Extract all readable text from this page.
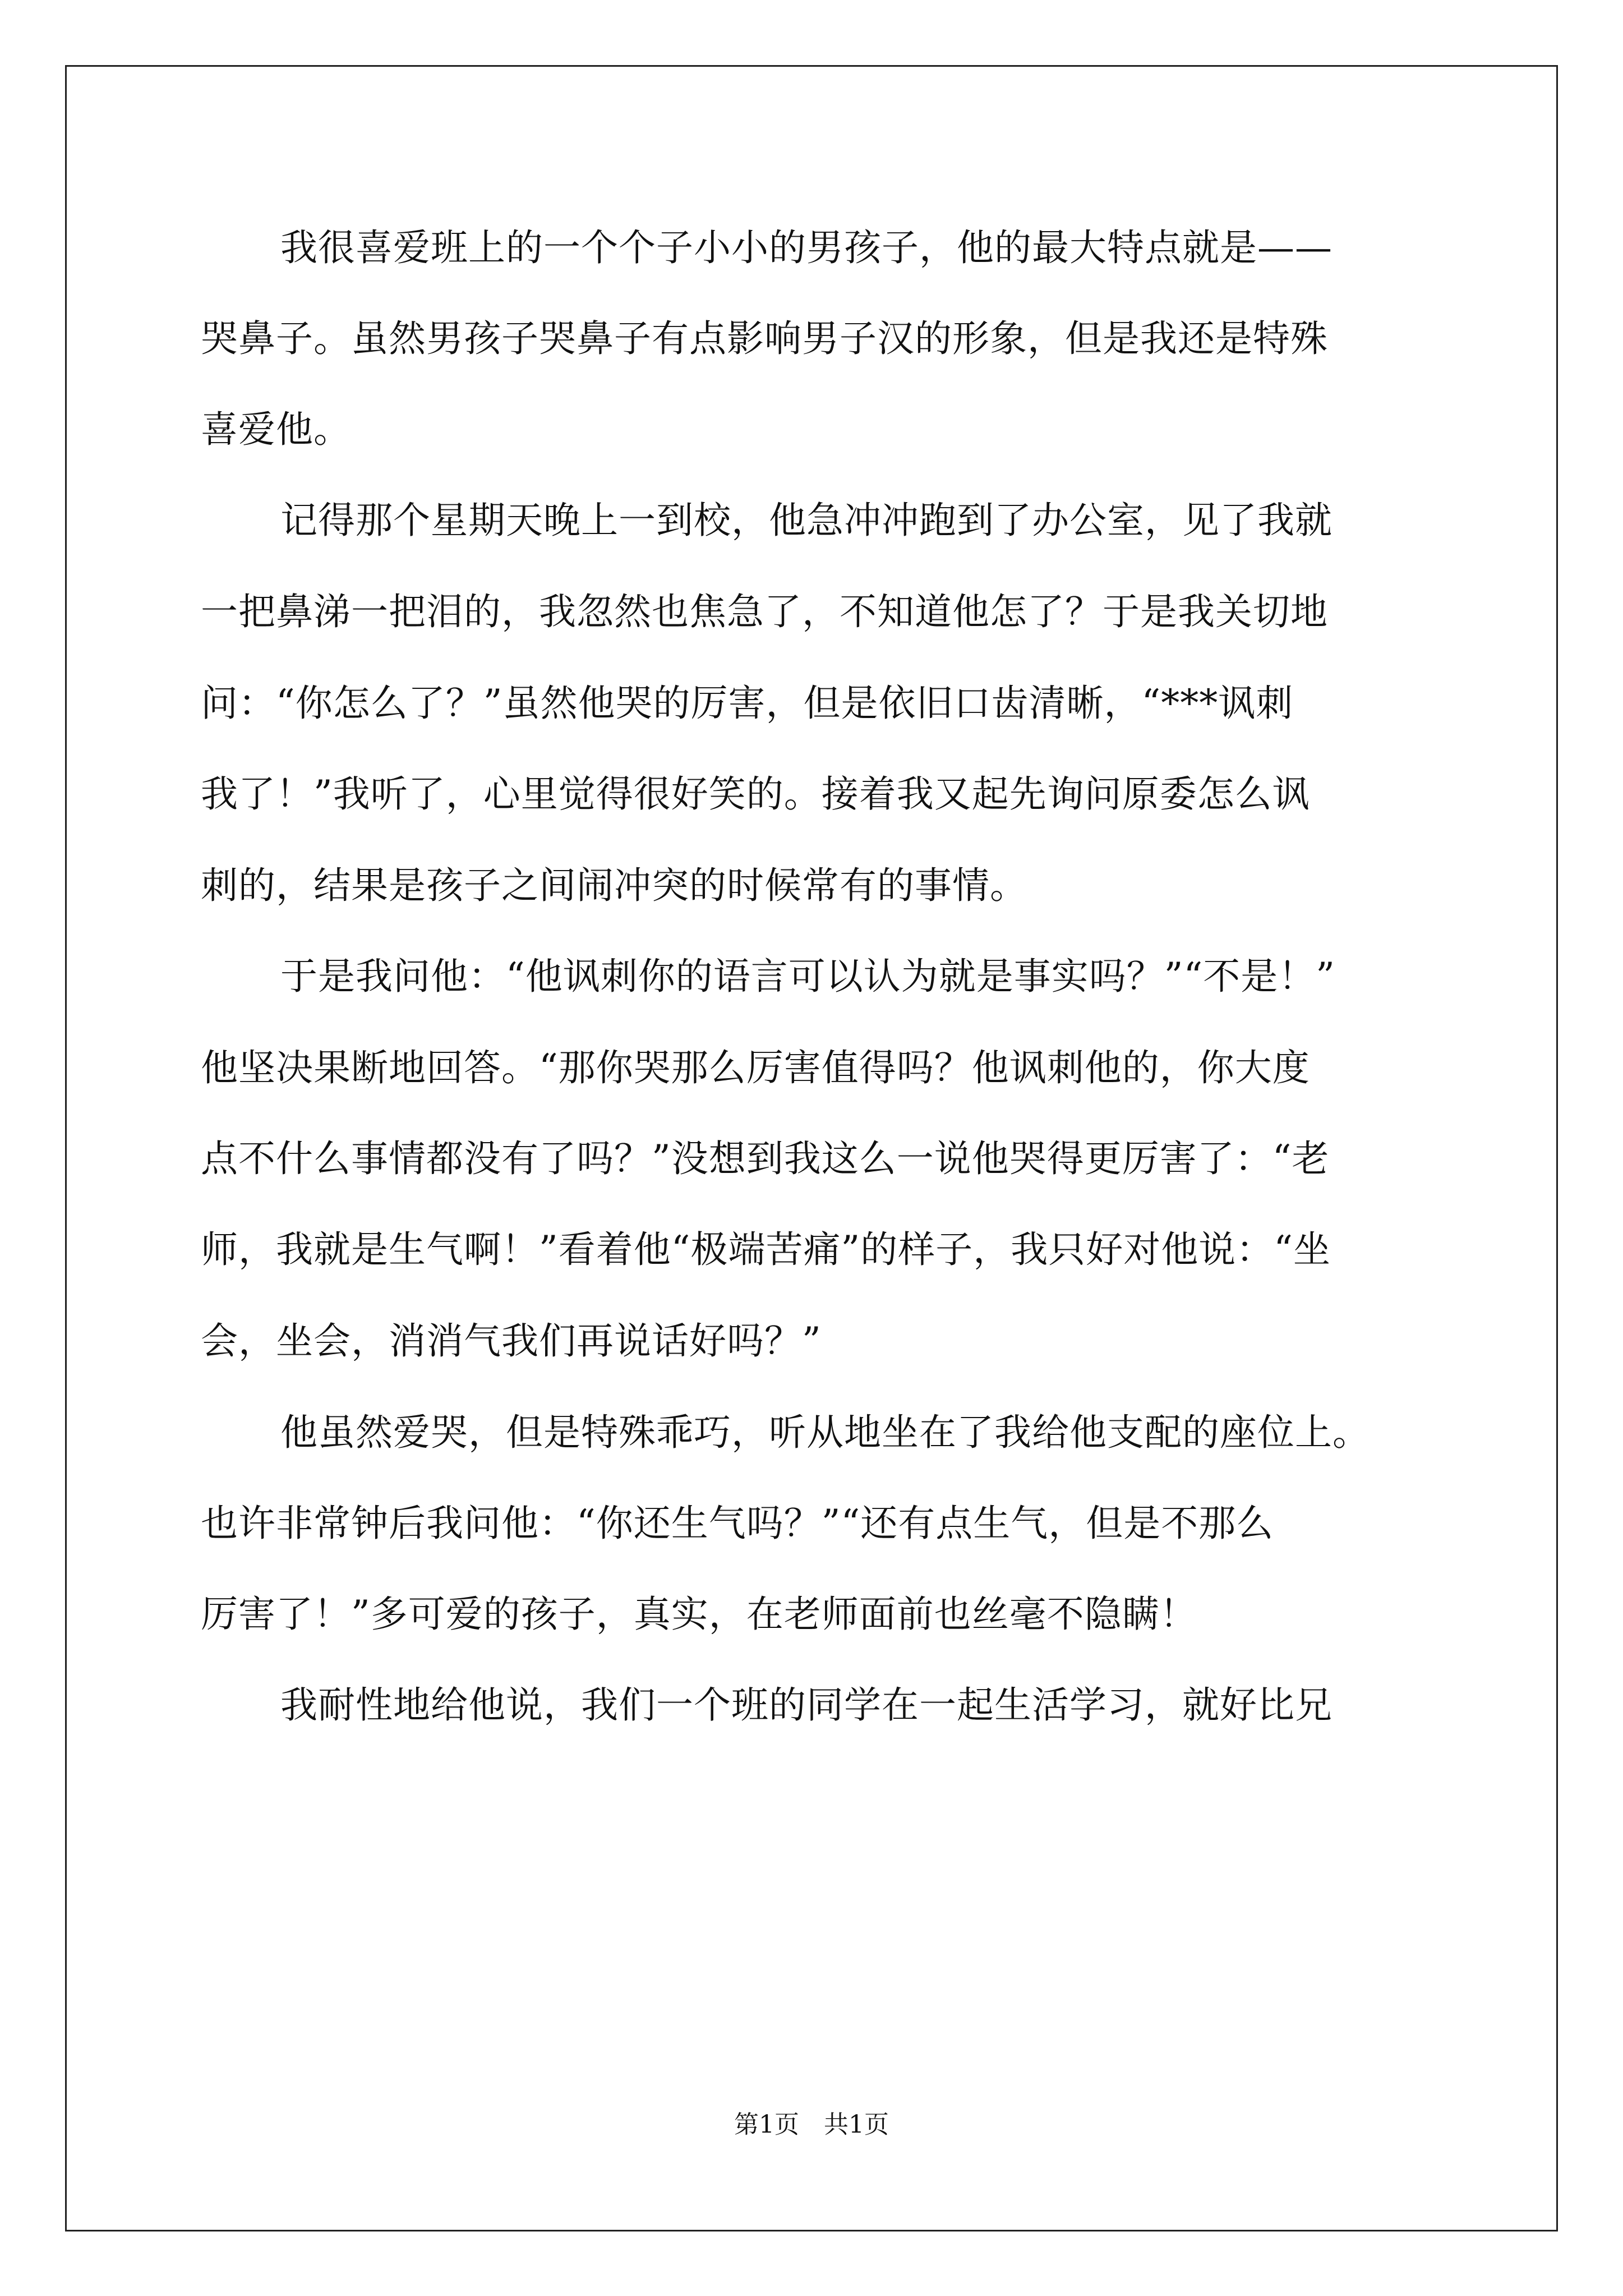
我很喜爱班上的一个个子小小的男孩子，他的最大特点就是——
哭鼻子。虽然男孩子哭鼻子有点影响男子汉的形象，但是我还是特殊
喜爱他。
记得那个星期天晚上一到校，他急冲冲跑到了办公室，见了我就
一把鼻涕一把泪的，我忽然也焦急了，不知道他怎了？于是我关切地
问：“你怎么了？”虽然他哭的厉害，但是依旧口齿清晰，“***讽刺
我了！”我听了，心里觉得很好笑的。接着我又起先询问原委怎么讽
刺的，结果是孩子之间闹冲突的时候常有的事情。
于是我问他：“他讽刺你的语言可以认为就是事实吗？”“不是！”
他坚决果断地回答。“那你哭那么厉害值得吗？他讽刺他的，你大度
点不什么事情都没有了吗？”没想到我这么一说他哭得更厉害了：“老
师，我就是生气啊！”看着他“极端苦痛”的样子，我只好对他说：“坐
会，坐会，消消气我们再说话好吗？”
他虽然爱哭，但是特殊乖巧，听从地坐在了我给他支配的座位上。
也许非常钟后我问他：“你还生气吗？”“还有点生气，但是不那么
厉害了！”多可爱的孩子，真实，在老师面前也丝毫不隐瞒！
我耐性地给他说，我们一个班的同学在一起生活学习，就好比兄
第1页　共1页
